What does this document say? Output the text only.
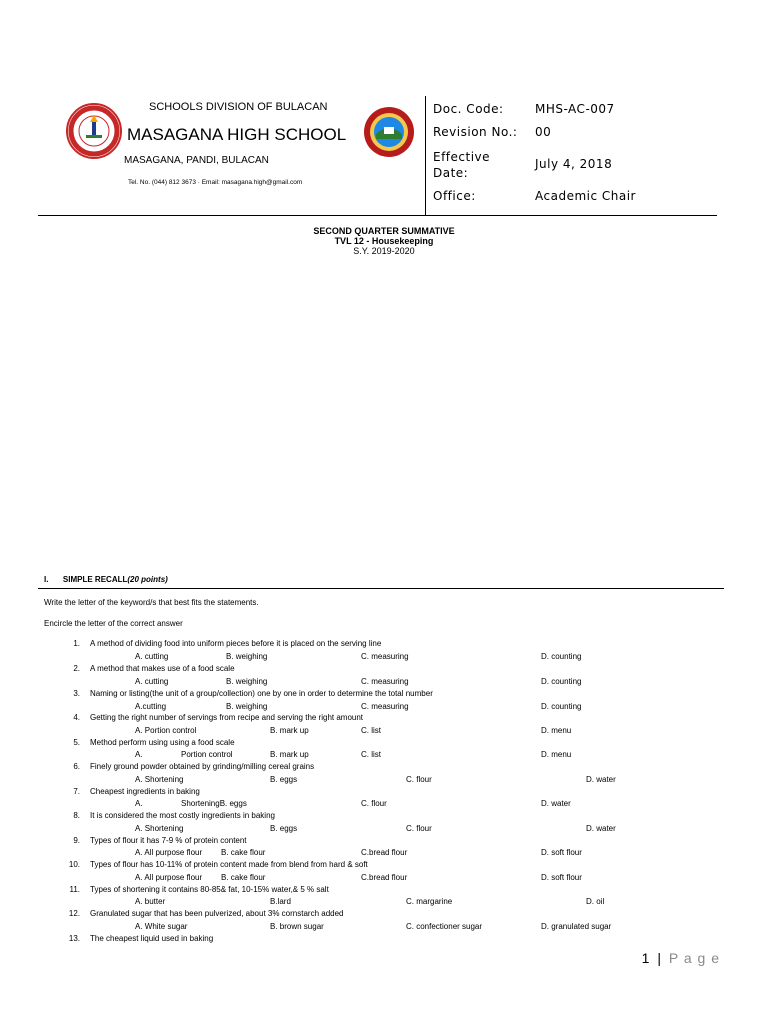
SCHOOLS DIVISION OF BULACAN
MASAGANA HIGH SCHOOL
MASAGANA, PANDI, BULACAN
Tel. No. (044) 812 3673 · Email: masagana.high@gmail.com
Doc. Code:	MHS-AC-007
Revision No.: 00
Effective Date:
July 4, 2018
Office:	Academic Chair
SECOND QUARTER SUMMATIVE
TVL 12 - Housekeeping
S.Y. 2019-2020
I. SIMPLE RECALL(20 points)
Write the letter of the keyword/s that best fits the statements.
Encircle the letter of the correct answer
1. A method of dividing food into uniform pieces before it is placed on the serving line
A. cutting	B. weighing	C. measuring	D. counting
2. A method that makes use of a food scale
A. cutting	B. weighing	C. measuring	D. counting
3. Naming or listing(the unit of a group/collection) one by one in order to determine the total number
A.cutting	B. weighing	C. measuring	D. counting
4. Getting the right number of servings from recipe and serving the right amount
A. Portion control	B. mark up	C. list	D. menu
5. Method perform using using a food scale
A.	Portion control	B. mark up	C. list	D. menu
6. Finely ground powder obtained by grinding/milling cereal grains
A. Shortening	B. eggs	C. flour	D. water
7. Cheapest ingredients in baking
A.	ShorteningB. eggs	C. flour	D. water
8. It is considered the most costly ingredients in baking
A. Shortening	B. eggs	C. flour	D. water
9. Types of flour it has 7-9 % of protein content
A. All purpose flour B. cake flour	C.bread flour	D. soft flour
10. Types of flour has 10-11% of protein content made from blend from hard & soft
A. All purpose flour B. cake flour	C.bread flour	D. soft flour
11. Types of shortening it contains 80-85& fat, 10-15% water,& 5 % salt
A. butter	B.lard	C. margarine	D. oil
12. Granulated sugar that has been pulverized, about 3% cornstarch added
A. White sugar	B. brown sugar	C. confectioner sugar	D. granulated sugar
13. The cheapest liquid used in baking
1 | P a g e
